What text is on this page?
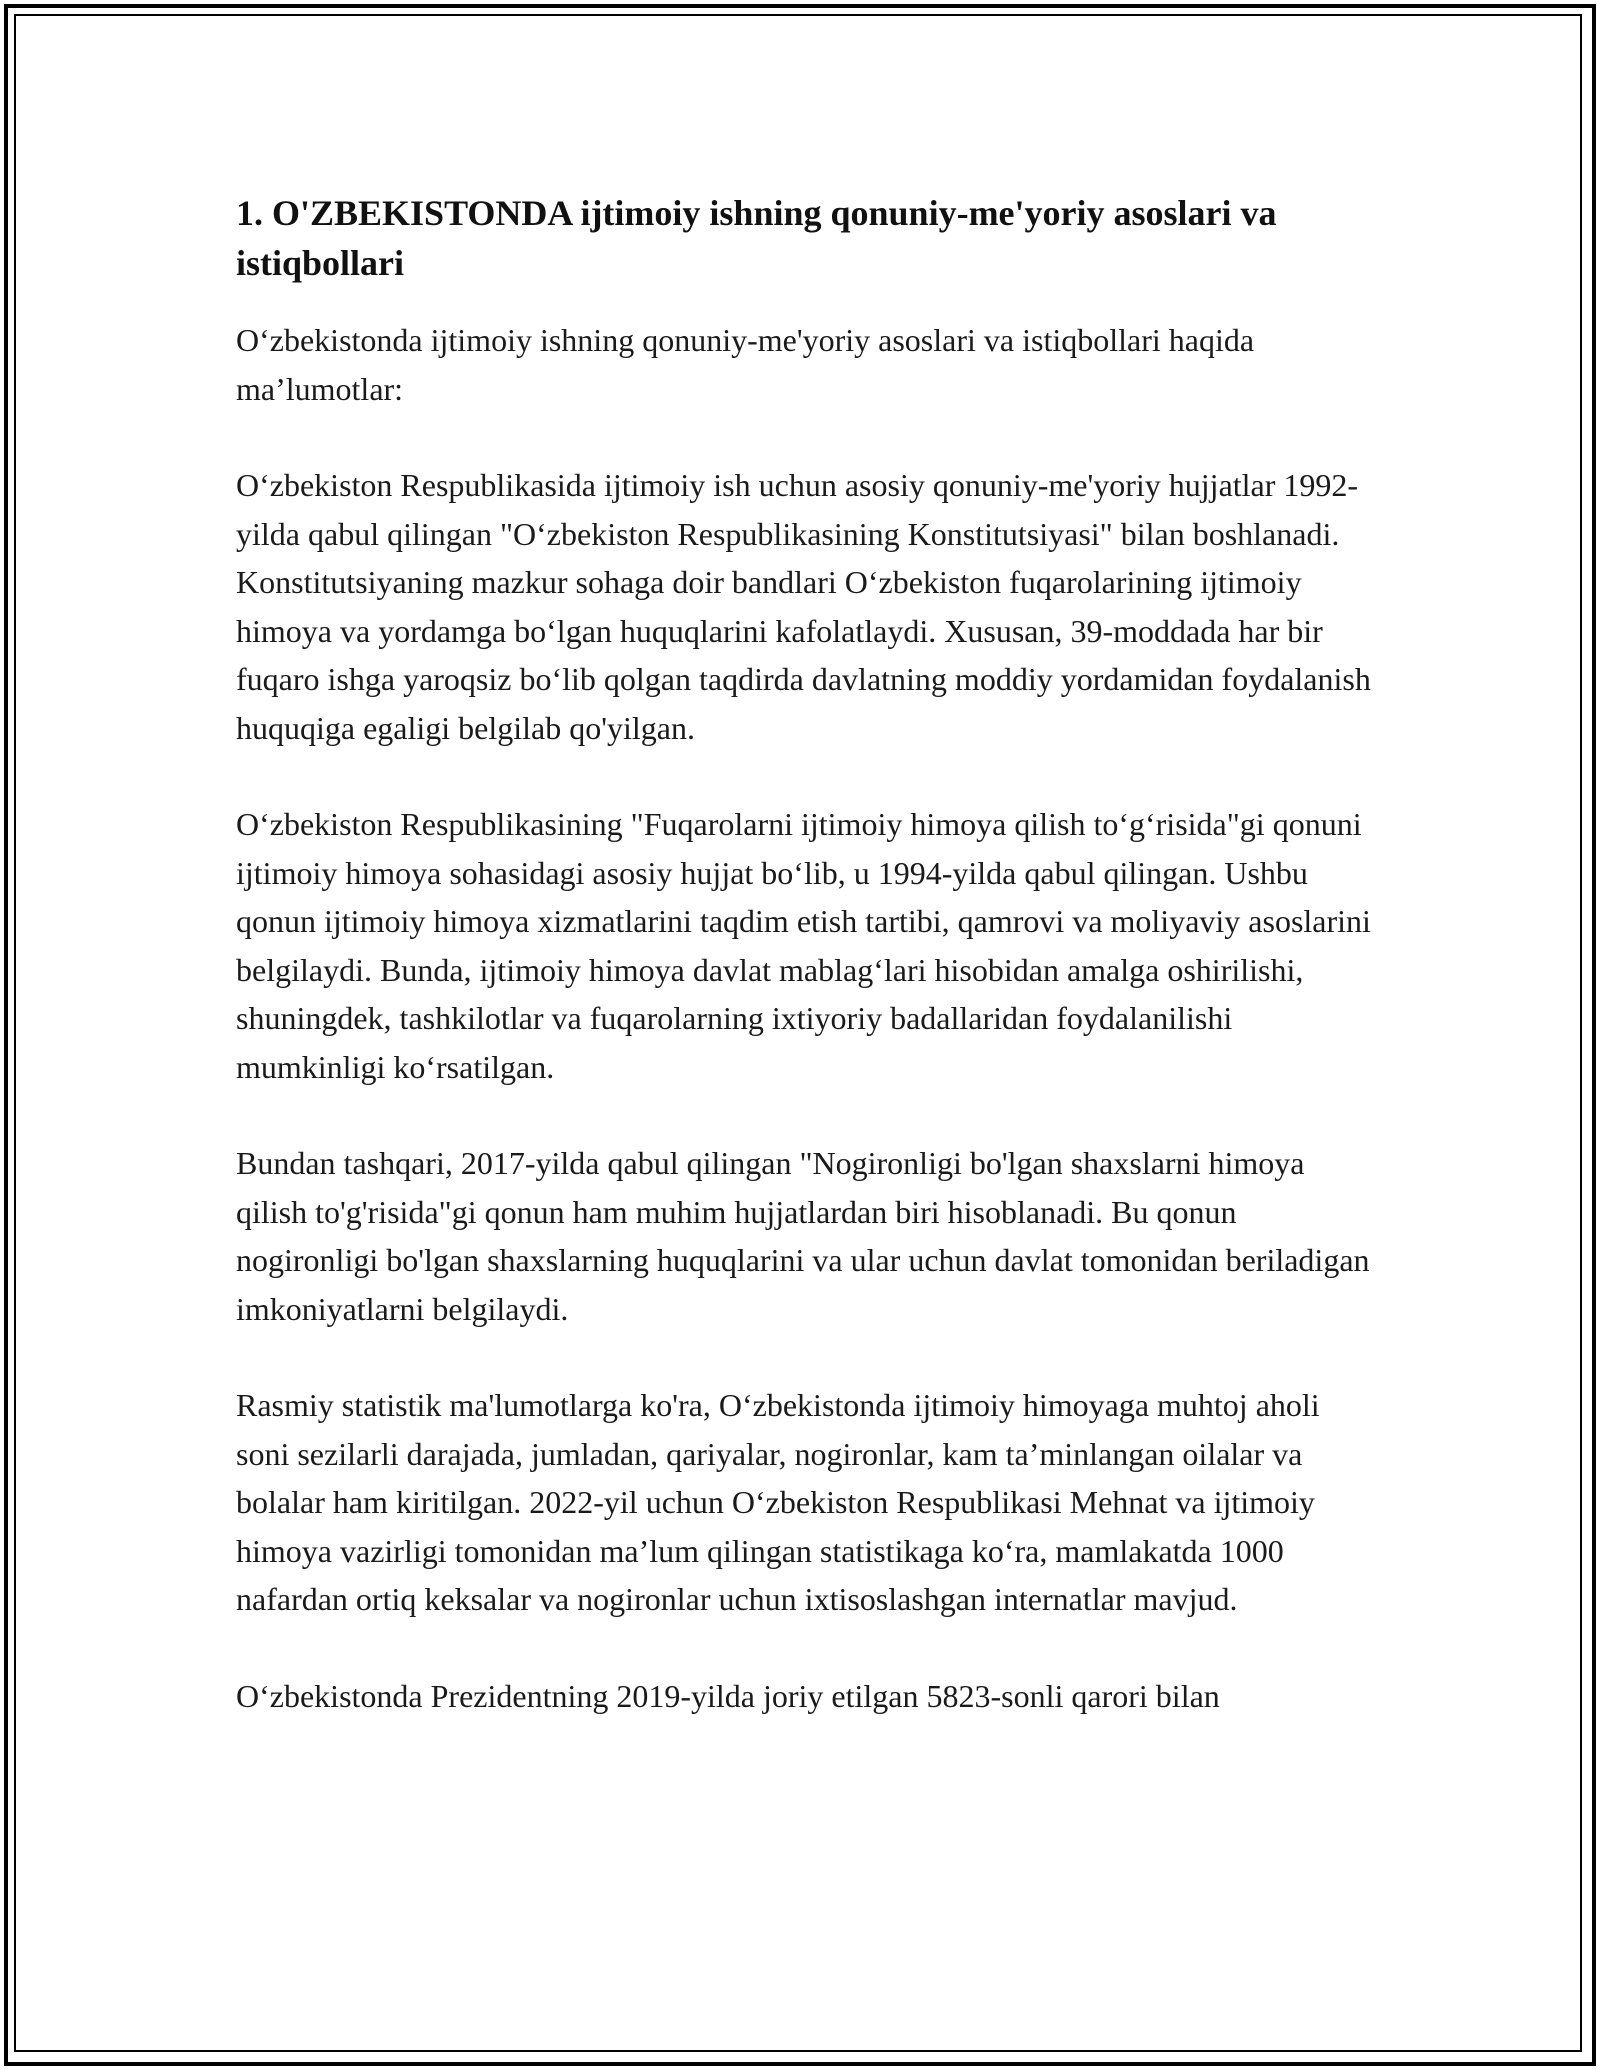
1. O'ZBEKISTONDA ijtimoiy ishning qonuniy-me'yoriy asoslari va istiqbollari

O‘zbekistonda ijtimoiy ishning qonuniy-me'yoriy asoslari va istiqbollari haqida ma’lumotlar:

O‘zbekiston Respublikasida ijtimoiy ish uchun asosiy qonuniy-me'yoriy hujjatlar 1992-yilda qabul qilingan "O‘zbekiston Respublikasining Konstitutsiyasi" bilan boshlanadi. Konstitutsiyaning mazkur sohaga doir bandlari O‘zbekiston fuqarolarining ijtimoiy himoya va yordamga bo‘lgan huquqlarini kafolatlaydi. Xususan, 39-moddada har bir fuqaro ishga yaroqsiz bo‘lib qolgan taqdirda davlatning moddiy yordamidan foydalanish huquqiga egaligi belgilab qo'yilgan.

O‘zbekiston Respublikasining "Fuqarolarni ijtimoiy himoya qilish to‘g‘risida"gi qonuni ijtimoiy himoya sohasidagi asosiy hujjat bo‘lib, u 1994-yilda qabul qilingan. Ushbu qonun ijtimoiy himoya xizmatlarini taqdim etish tartibi, qamrovi va moliyaviy asoslarini belgilaydi. Bunda, ijtimoiy himoya davlat mablag‘lari hisobidan amalga oshirilishi, shuningdek, tashkilotlar va fuqarolarning ixtiyoriy badallaridan foydalanilishi mumkinligi ko‘rsatilgan.

Bundan tashqari, 2017-yilda qabul qilingan "Nogironligi bo'lgan shaxslarni himoya qilish to'g'risida"gi qonun ham muhim hujjatlardan biri hisoblanadi. Bu qonun nogironligi bo'lgan shaxslarning huquqlarini va ular uchun davlat tomonidan beriladigan imkoniyatlarni belgilaydi.

Rasmiy statistik ma'lumotlarga ko'ra, O‘zbekistonda ijtimoiy himoyaga muhtoj aholi soni sezilarli darajada, jumladan, qariyalar, nogironlar, kam ta’minlangan oilalar va bolalar ham kiritilgan. 2022-yil uchun O‘zbekiston Respublikasi Mehnat va ijtimoiy himoya vazirligi tomonidan ma’lum qilingan statistikaga ko‘ra, mamlakatda 1000 nafardan ortiq keksalar va nogironlar uchun ixtisoslashgan internatlar mavjud.

O‘zbekistonda Prezidentning 2019-yilda joriy etilgan 5823-sonli qarori bilan
